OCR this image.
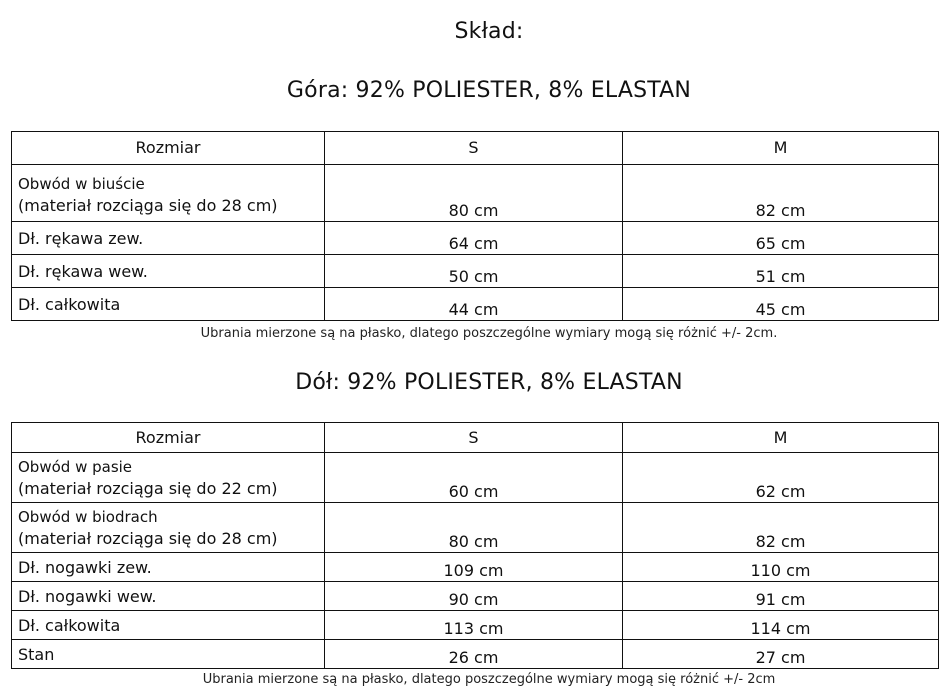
Skład:
Góra: 92% POLIESTER, 8% ELASTAN
Rozmiar	S	M

Obwód w biuście
(materiał rozciąga się do 28 cm)	80 cm	82 cm

Dł. rękawa zew.	64 cm	65 cm

Dł. rękawa wew.	50 cm	51 cm

Dł. całkowita	44 cm	45 cm
Ubrania mierzone są na płasko, dlatego poszczególne wymiary mogą się różnić +/- 2cm.
Dół: 92% POLIESTER, 8% ELASTAN
Rozmiar	S	M

Obwód w pasie
(materiał rozciąga się do 22 cm)	60 cm	62 cm

Obwód w biodrach
(materiał rozciąga się do 28 cm)	80 cm	82 cm

Dł. nogawki zew.	109 cm	110 cm

Dł. nogawki wew.	90 cm	91 cm

Dł. całkowita	113 cm	114 cm

Stan	26 cm	27 cm
Ubrania mierzone są na płasko, dlatego poszczególne wymiary mogą się różnić +/- 2cm
